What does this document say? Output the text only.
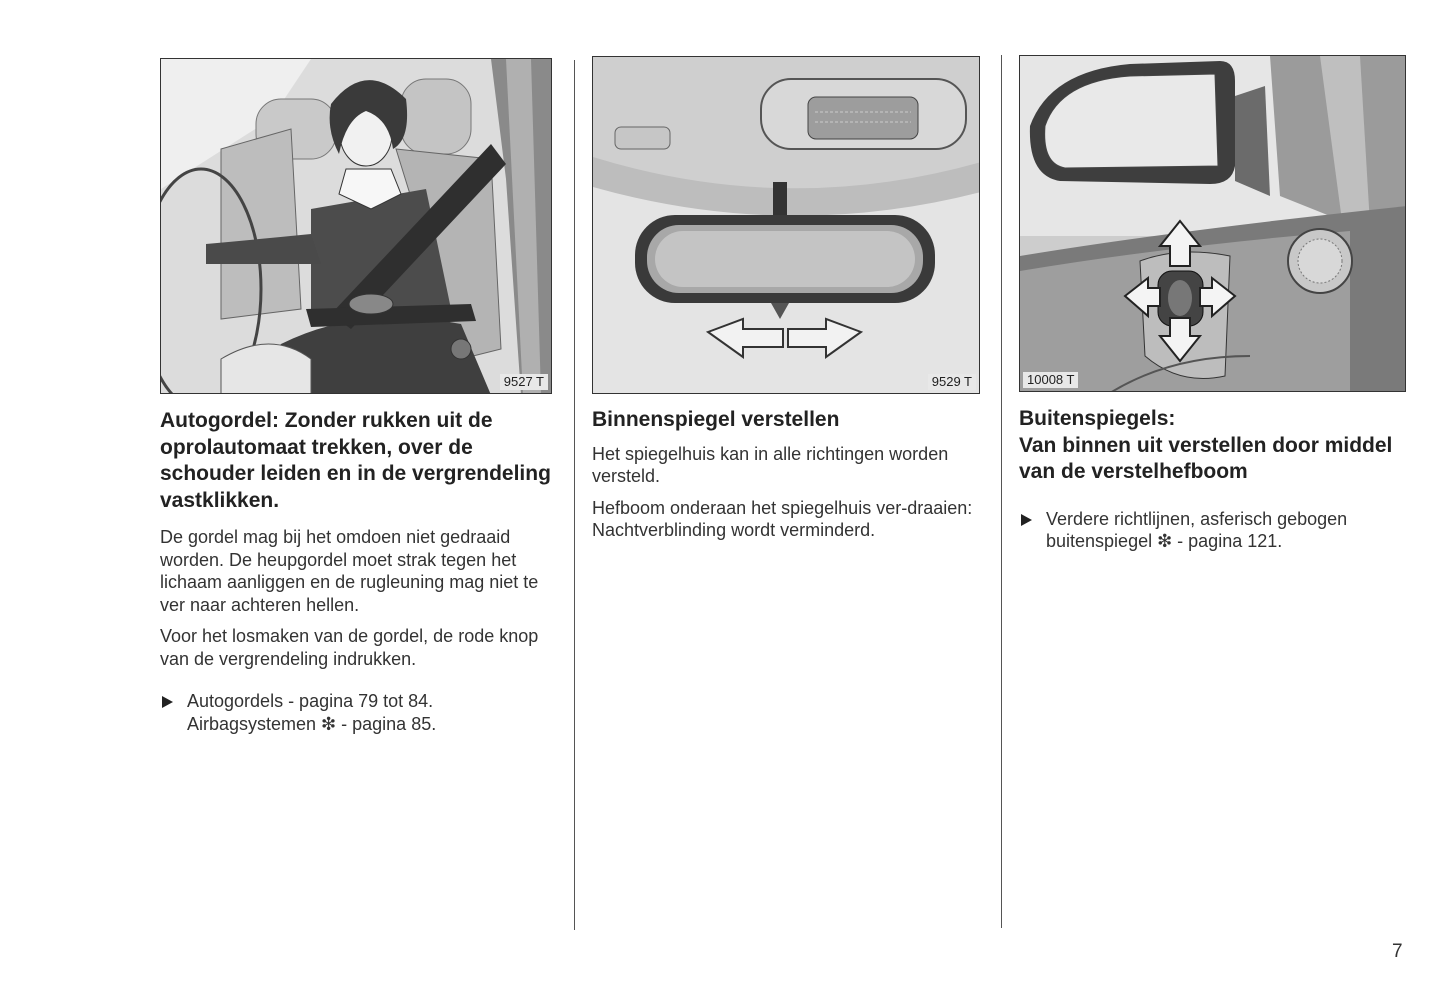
9527 T	9529 T	10008 T
Autogordel: Zonder rukken uit de oprolautomaat trekken, over de schouder leiden en in de vergrendeling vastklikken.

De gordel mag bij het omdoen niet gedraaid worden. De heupgordel moet strak tegen het lichaam aanliggen en de rugleuning mag niet te ver naar achteren hellen.

Voor het losmaken van de gordel, de rode knop van de vergrendeling indrukken.

Autogordels - pagina 79 tot 84.
Airbagsystemen ❇ - pagina 85.
Binnenspiegel verstellen

Het spiegelhuis kan in alle richtingen worden versteld.

Hefboom onderaan het spiegelhuis ver-draaien: Nachtverblinding wordt verminderd.

Buitenspiegels:
Van binnen uit verstellen door middel van de verstelhefboom
Verdere richtlijnen, asferisch gebogen
buitenspiegel ❇ - pagina 121.
7
